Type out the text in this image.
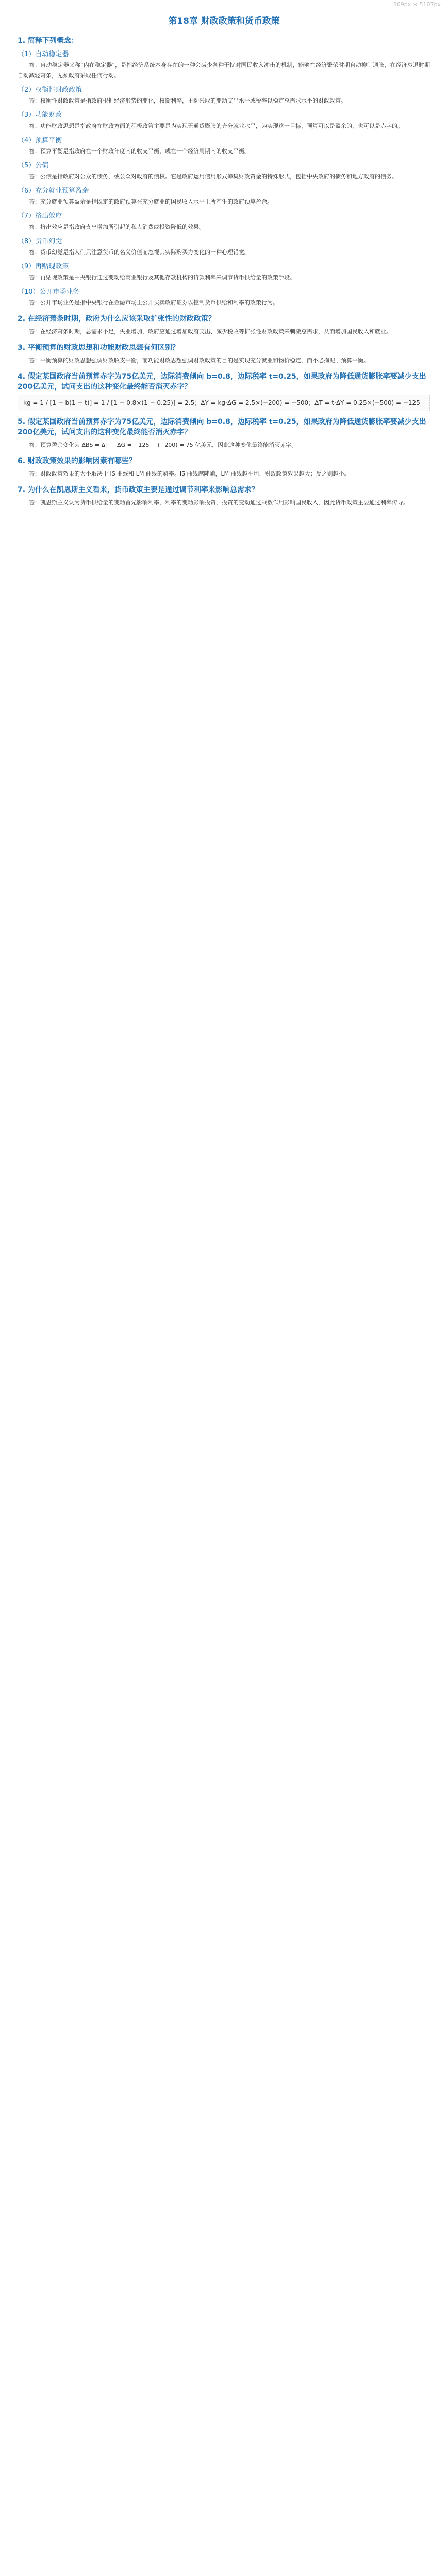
869px × 5107px
第18章 财政政策和货币政策
1. 简释下列概念：
（1）自动稳定器
答：自动稳定器又称“内在稳定器”，是指经济系统本身存在的一种会减少各种干扰对国民收入冲击的机制，能够在经济繁荣时期自动抑制通胀，在经济衰退时期自动减轻萧条，无须政府采取任何行动。
（2）权衡性财政政策
答：权衡性财政政策是指政府根据经济形势的变化，权衡利弊，主动采取的变动支出水平或税率以稳定总需求水平的财政政策。
（3）功能财政
答：功能财政思想是指政府在财政方面的积极政策主要是为实现无通货膨胀的充分就业水平，为实现这一目标，预算可以是盈余的，也可以是赤字的。
（4）预算平衡
答：预算平衡是指政府在一个财政年度内的收支平衡，或在一个经济周期内的收支平衡。
（5）公债
答：公债是指政府对公众的债务，或公众对政府的债权。它是政府运用信用形式筹集财政资金的特殊形式，包括中央政府的债务和地方政府的债务。
（6）充分就业预算盈余
答：充分就业预算盈余是指既定的政府预算在充分就业的国民收入水平上所产生的政府预算盈余。
（7）挤出效应
答：挤出效应是指政府支出增加所引起的私人消费或投资降低的效果。
（8）货币幻觉
答：货币幻觉是指人们只注意货币的名义价值而忽视其实际购买力变化的一种心理错觉。
（9）再贴现政策
答：再贴现政策是中央银行通过变动给商业银行及其他存款机构的贷款利率来调节货币供给量的政策手段。
（10）公开市场业务
答：公开市场业务是指中央银行在金融市场上公开买卖政府证券以控制货币供给和利率的政策行为。
2. 在经济萧条时期，政府为什么应该采取扩张性的财政政策？
答：在经济萧条时期，总需求不足，失业增加，政府应通过增加政府支出、减少税收等扩张性财政政策来刺激总需求，从而增加国民收入和就业。
3. 平衡预算的财政思想和功能财政思想有何区别？
答：平衡预算的财政思想强调财政收支平衡，而功能财政思想强调财政政策的目的是实现充分就业和物价稳定，而不必拘泥于预算平衡。
4. 假定某国政府当前预算赤字为75亿美元，边际消费倾向 b=0.8，边际税率 t=0.25，如果政府为降低通货膨胀率要减少支出200亿美元，试问支出的这种变化最终能否消灭赤字？
kg = 1 / [1 − b(1 − t)] = 1 / [1 − 0.8×(1 − 0.25)] = 2.5；ΔY = kg·ΔG = 2.5×(−200) = −500；ΔT = t·ΔY = 0.25×(−500) = −125
5. 假定某国政府当前预算赤字为75亿美元，边际消费倾向 b=0.8，边际税率 t=0.25，如果政府为降低通货膨胀率要减少支出200亿美元，试问支出的这种变化最终能否消灭赤字？
答：预算盈余变化为 ΔBS = ΔT − ΔG = −125 − (−200) = 75 亿美元，因此这种变化最终能消灭赤字。
6. 财政政策效果的影响因素有哪些？
答：财政政策效果的大小取决于 IS 曲线和 LM 曲线的斜率。IS 曲线越陡峭，LM 曲线越平坦，财政政策效果越大；反之则越小。
7. 为什么在凯恩斯主义看来，货币政策主要是通过调节利率来影响总需求？
答：凯恩斯主义认为货币供给量的变动首先影响利率，利率的变动影响投资，投资的变动通过乘数作用影响国民收入，因此货币政策主要通过利率传导。
